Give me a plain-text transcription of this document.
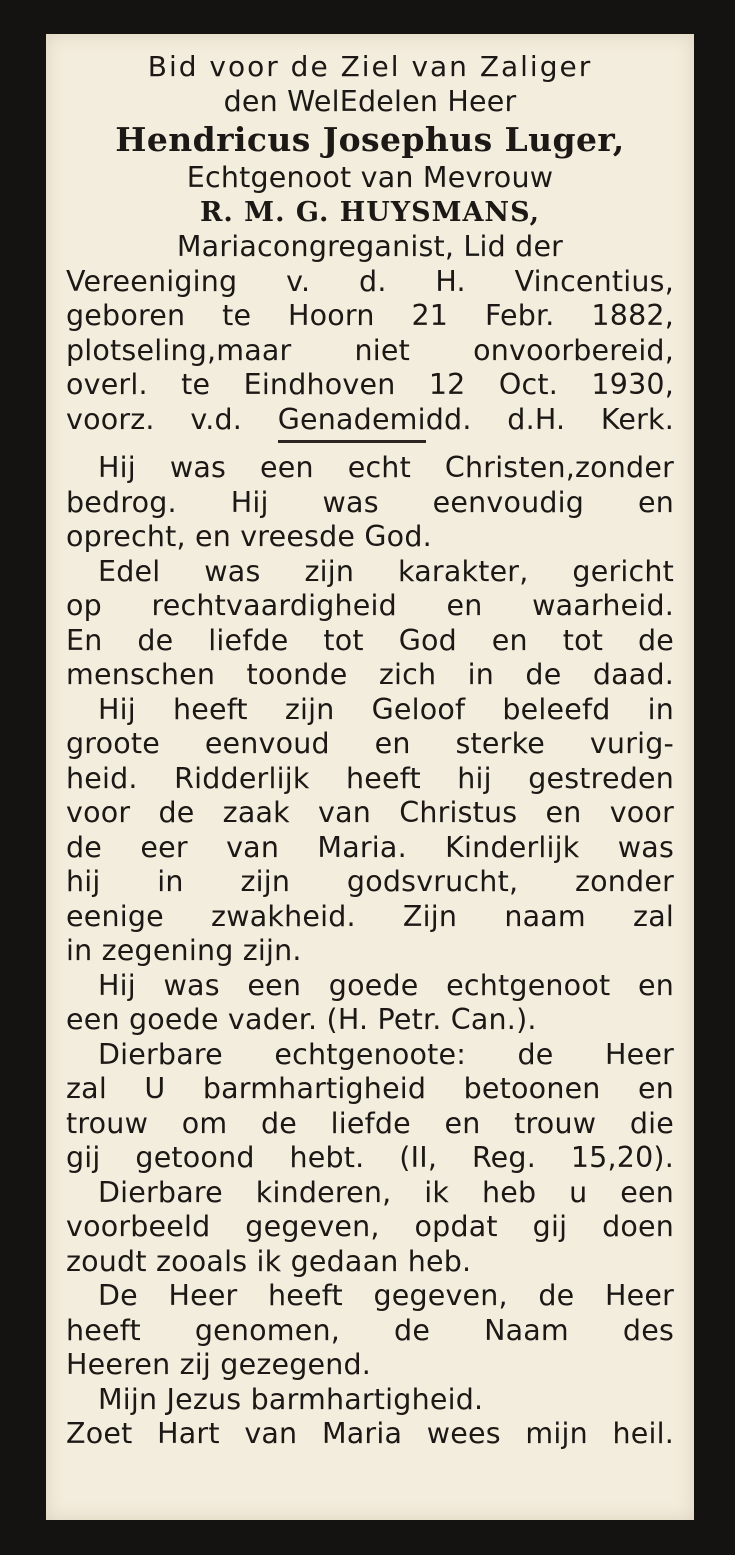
Bid voor de Ziel van Zaliger
den WelEdelen Heer
Hendricus Josephus Luger,
Echtgenoot van Mevrouw
R. M. G. HUYSMANS,
Mariacongreganist, Lid der
Vereeniging v. d. H. Vincentius,
geboren te Hoorn 21 Febr. 1882,
plotseling,maar niet onvoorbereid,
overl. te Eindhoven 12 Oct. 1930,
voorz. v.d. Genademidd. d.H. Kerk.
Hij was een echt Christen,zonder
bedrog. Hij was eenvoudig en
oprecht, en vreesde God.
Edel was zijn karakter, gericht
op rechtvaardigheid en waarheid.
En de liefde tot God en tot de
menschen toonde zich in de daad.
Hij heeft zijn Geloof beleefd in
groote eenvoud en sterke vurig-
heid. Ridderlijk heeft hij gestreden
voor de zaak van Christus en voor
de eer van Maria. Kinderlijk was
hij in zijn godsvrucht, zonder
eenige zwakheid. Zijn naam zal
in zegening zijn.
Hij was een goede echtgenoot en
een goede vader. (H. Petr. Can.).
Dierbare echtgenoote: de Heer
zal U barmhartigheid betoonen en
trouw om de liefde en trouw die
gij getoond hebt. (II, Reg. 15,20).
Dierbare kinderen, ik heb u een
voorbeeld gegeven, opdat gij doen
zoudt zooals ik gedaan heb.
De Heer heeft gegeven, de Heer
heeft genomen, de Naam des
Heeren zij gezegend.
Mijn Jezus barmhartigheid.
Zoet Hart van Maria wees mijn heil.
